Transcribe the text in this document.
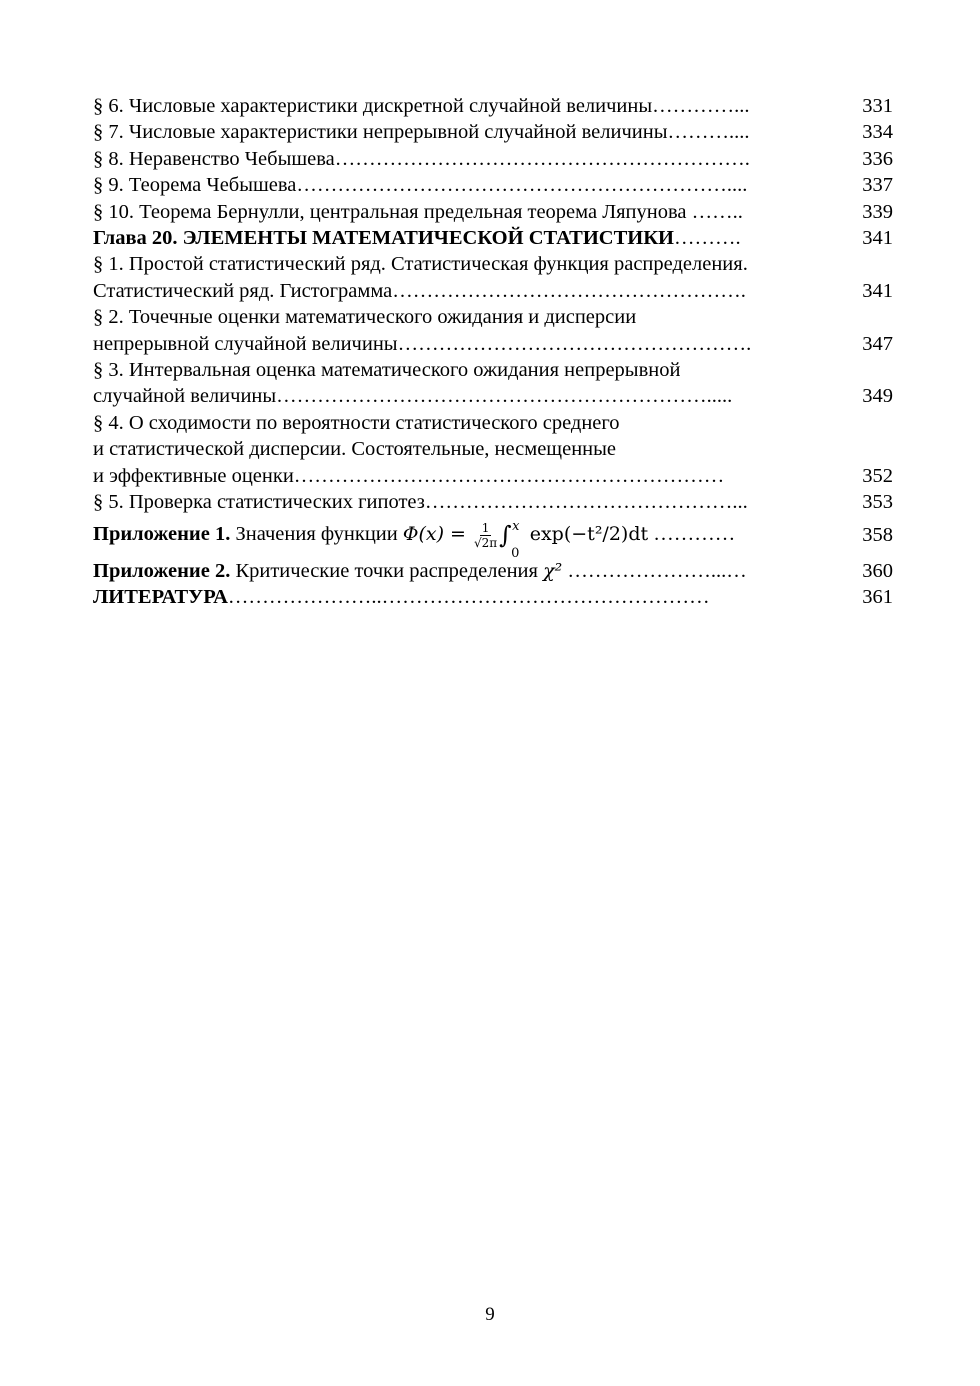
§ 6. Числовые характеристики дискретной случайной величины…………...	331
§ 7. Числовые характеристики непрерывной случайной величины………....	334
§ 8. Неравенство Чебышева…………………………………………………….	336
§ 9. Теорема Чебышева………………………………………………………....	337
§ 10. Теорема Бернулли, центральная предельная теорема Ляпунова ……..	339
Глава 20. ЭЛЕМЕНТЫ МАТЕМАТИЧЕСКОЙ СТАТИСТИКИ……….	341
§ 1. Простой статистический ряд. Статистическая функция распределения.
Статистический ряд. Гистограмма…………………………………………….	341
§ 2. Точечные оценки математического ожидания и дисперсии
непрерывной случайной величины…………………………………………….	347
§ 3. Интервальная оценка математического ожидания непрерывной
случайной величины……………………………………………………….....	349
§ 4. О сходимости по вероятности статистического среднего
и статистической дисперсии. Состоятельные, несмещенные
и эффективные оценки………………………………………………………	352
§ 5. Проверка статистических гипотез………………………………………...	353
Приложение 1. Значения функции $\Phi(x) = \frac{1}{√2\pi}$ ∫ x
0
exp(−t²/2)dt …………	358
Приложение 2. Критические точки распределения χ² …………………...…	360
ЛИТЕРАТУРА…………………..…………………………………………	361
9
